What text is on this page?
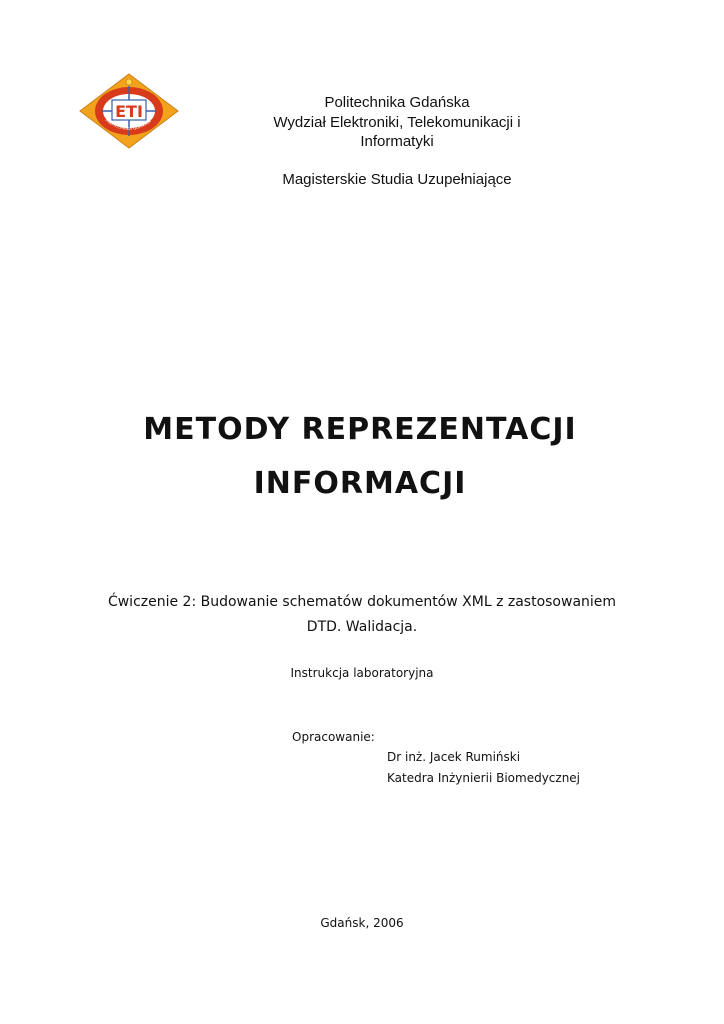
ETI
POLITECHNIKA GDAŃSKA
Politechnika Gdańska
Wydział Elektroniki, Telekomunikacji i
Informatyki
Magisterskie Studia Uzupełniające
METODY REPREZENTACJI
INFORMACJI
Ćwiczenie 2: Budowanie schematów dokumentów XML z zastosowaniem
DTD. Walidacja.
Instrukcja laboratoryjna
Opracowanie:
Dr inż. Jacek Rumiński
Katedra Inżynierii Biomedycznej
Gdańsk, 2006
